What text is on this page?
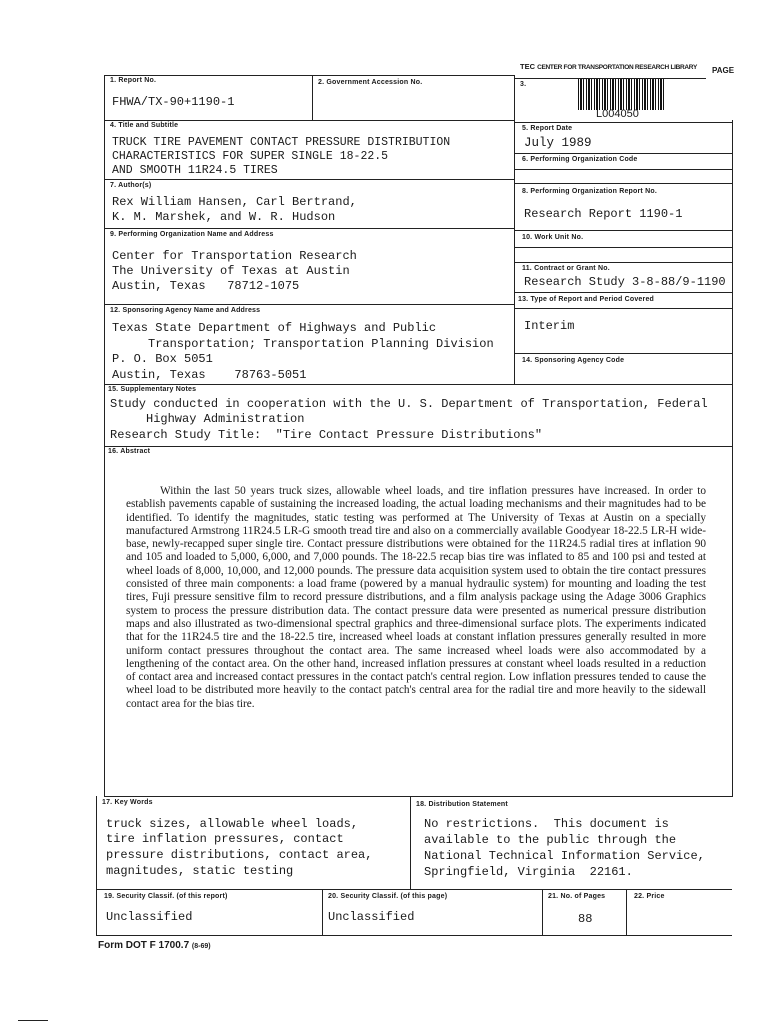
TEC CENTER FOR TRANSPORTATION RESEARCH LIBRARY PAGE
L004050
1. Report No.
FHWA/TX-90+1190-1
2. Government Accession No.	3.
4. Title and Subtitle
TRUCK TIRE PAVEMENT CONTACT PRESSURE DISTRIBUTION
CHARACTERISTICS FOR SUPER SINGLE 18-22.5
AND SMOOTH 11R24.5 TIRES
5. Report Date
July 1989
6. Performing Organization Code
7. Author(s)
Rex William Hansen, Carl Bertrand,
K. M. Marshek, and W. R. Hudson
8. Performing Organization Report No.
Research Report 1190-1
9. Performing Organization Name and Address
Center for Transportation Research
The University of Texas at Austin
Austin, Texas   78712-1075
10. Work Unit No.
11. Contract or Grant No.
Research Study 3-8-88/9-1190
13. Type of Report and Period Covered
Interim
12. Sponsoring Agency Name and Address
Texas State Department of Highways and Public
Transportation; Transportation Planning Division
P. O. Box 5051
Austin, Texas    78763-5051
14. Sponsoring Agency Code
15. Supplementary Notes
Study conducted in cooperation with the U. S. Department of Transportation, Federal
Highway Administration
Research Study Title:  "Tire Contact Pressure Distributions"
16. Abstract
Within the last 50 years truck sizes, allowable wheel loads, and tire inflation pressures have increased. In order to establish pavements capable of sustaining the increased loading, the actual loading mechanisms and their magnitudes had to be identified. To identify the magnitudes, static testing was performed at The University of Texas at Austin on a specially manufactured Armstrong 11R24.5 LR-G smooth tread tire and also on a commercially available Goodyear 18-22.5 LR-H wide-base, newly-recapped super single tire. Contact pressure distributions were obtained for the 11R24.5 radial tires at inflation 90 and 105 and loaded to 5,000, 6,000, and 7,000 pounds. The 18-22.5 recap bias tire was inflated to 85 and 100 psi and tested at wheel loads of 8,000, 10,000, and 12,000 pounds. The pressure data acquisition system used to obtain the tire contact pressures consisted of three main components: a load frame (powered by a manual hydraulic system) for mounting and loading the test tires, Fuji pressure sensitive film to record pressure distributions, and a film analysis package using the Adage 3006 Graphics system to process the pressure distribution data. The contact pressure data were presented as numerical pressure distribution maps and also illustrated as two-dimensional spectral graphics and three-dimensional surface plots. The experiments indicated that for the 11R24.5 tire and the 18-22.5 tire, increased wheel loads at constant inflation pressures generally resulted in more uniform contact pressures throughout the contact area. The same increased wheel loads were also accommodated by a lengthening of the contact area. On the other hand, increased inflation pressures at constant wheel loads resulted in a reduction of contact area and increased contact pressures in the contact patch's central region. Low inflation pressures tended to cause the wheel load to be distributed more heavily to the contact patch's central area for the radial tire and more heavily to the sidewall contact area for the bias tire.
17. Key Words
truck sizes, allowable wheel loads,
tire inflation pressures, contact
pressure distributions, contact area,
magnitudes, static testing
18. Distribution Statement
No restrictions.  This document is
available to the public through the
National Technical Information Service,
Springfield, Virginia  22161.
19. Security Classif. (of this report)
Unclassified
20. Security Classif. (of this page)
Unclassified
21. No. of Pages
88
22. Price
Form DOT F 1700.7 (8-69)
